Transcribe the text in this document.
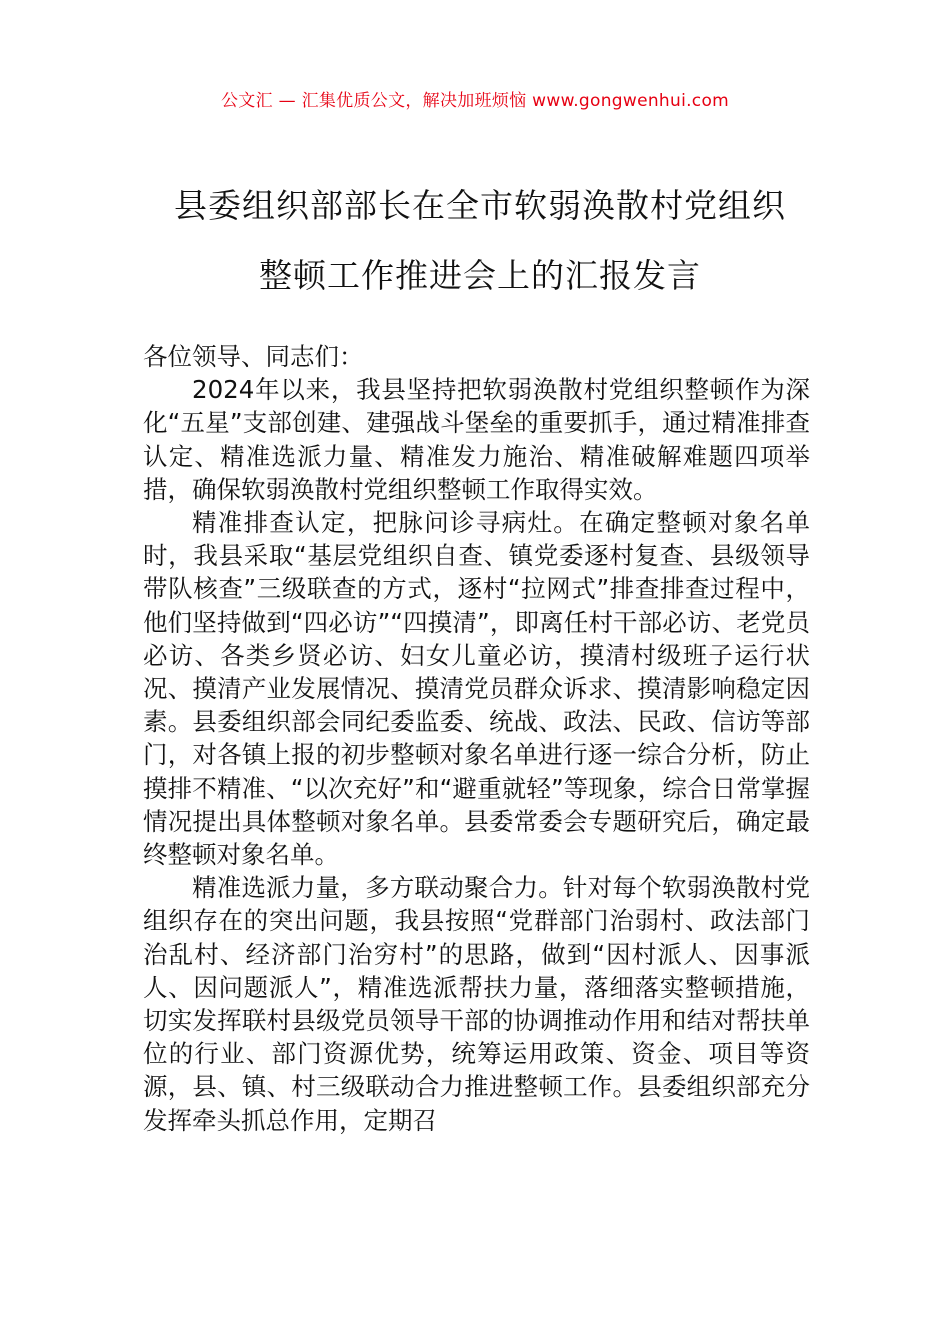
公文汇 — 汇集优质公文，解决加班烦恼 www.gongwenhui.com
县委组织部部长在全市软弱涣散村党组织
整顿工作推进会上的汇报发言

各位领导、同志们：

2024年以来，我县坚持把软弱涣散村党组织整顿作为深化“五星”支部创建、建强战斗堡垒的重要抓手，通过精准排查认定、精准选派力量、精准发力施治、精准破解难题四项举措，确保软弱涣散村党组织整顿工作取得实效。

精准排查认定，把脉问诊寻病灶。在确定整顿对象名单时，我县采取“基层党组织自查、镇党委逐村复查、县级领导带队核查”三级联查的方式，逐村“拉网式”排查排查过程中，他们坚持做到“四必访”“四摸清”，即离任村干部必访、老党员必访、各类乡贤必访、妇女儿童必访，摸清村级班子运行状况、摸清产业发展情况、摸清党员群众诉求、摸清影响稳定因素。县委组织部会同纪委监委、统战、政法、民政、信访等部门，对各镇上报的初步整顿对象名单进行逐一综合分析，防止摸排不精准、“以次充好”和“避重就轻”等现象，综合日常掌握情况提出具体整顿对象名单。县委常委会专题研究后，确定最终整顿对象名单。

精准选派力量，多方联动聚合力。针对每个软弱涣散村党组织存在的突出问题，我县按照“党群部门治弱村、政法部门治乱村、经济部门治穷村”的思路，做到“因村派人、因事派人、因问题派人”，精准选派帮扶力量，落细落实整顿措施，切实发挥联村县级党员领导干部的协调推动作用和结对帮扶单位的行业、部门资源优势，统筹运用政策、资金、项目等资源，县、镇、村三级联动合力推进整顿工作。县委组织部充分发挥牵头抓总作用，定期召
